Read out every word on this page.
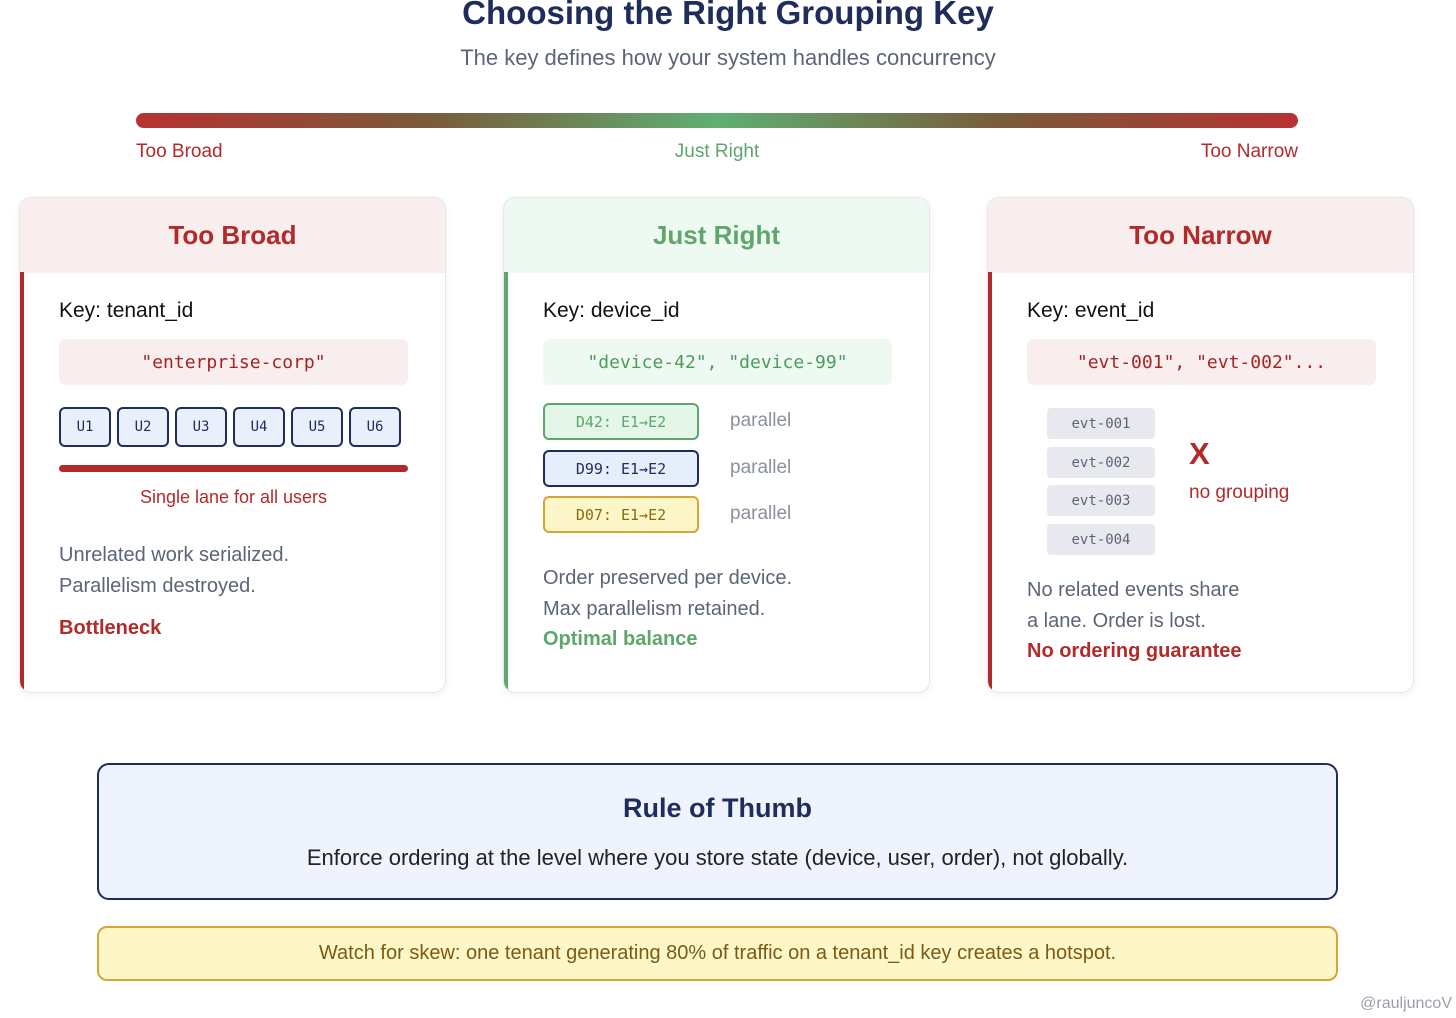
Choosing the Right Grouping Key
The key defines how your system handles concurrency
Too Broad	Just Right	Too Narrow
Too Broad
Key: tenant_id
"enterprise-corp"
U1	U2	U3	U4	U5	U6
Single lane for all users
Unrelated work serialized.
Parallelism destroyed.
Bottleneck
Just Right
Key: device_id
"device-42", "device-99"
D42: E1→E2	parallel
D99: E1→E2	parallel
D07: E1→E2	parallel
Order preserved per device.
Max parallelism retained.
Optimal balance
Too Narrow
Key: event_id
"evt-001", "evt-002"...
evt-001
evt-002
evt-003
evt-004
X
no grouping
No related events share
a lane. Order is lost.
No ordering guarantee
Rule of Thumb
Enforce ordering at the level where you store state (device, user, order), not globally.
Watch for skew: one tenant generating 80% of traffic on a tenant_id key creates a hotspot.
@rauljuncoV
